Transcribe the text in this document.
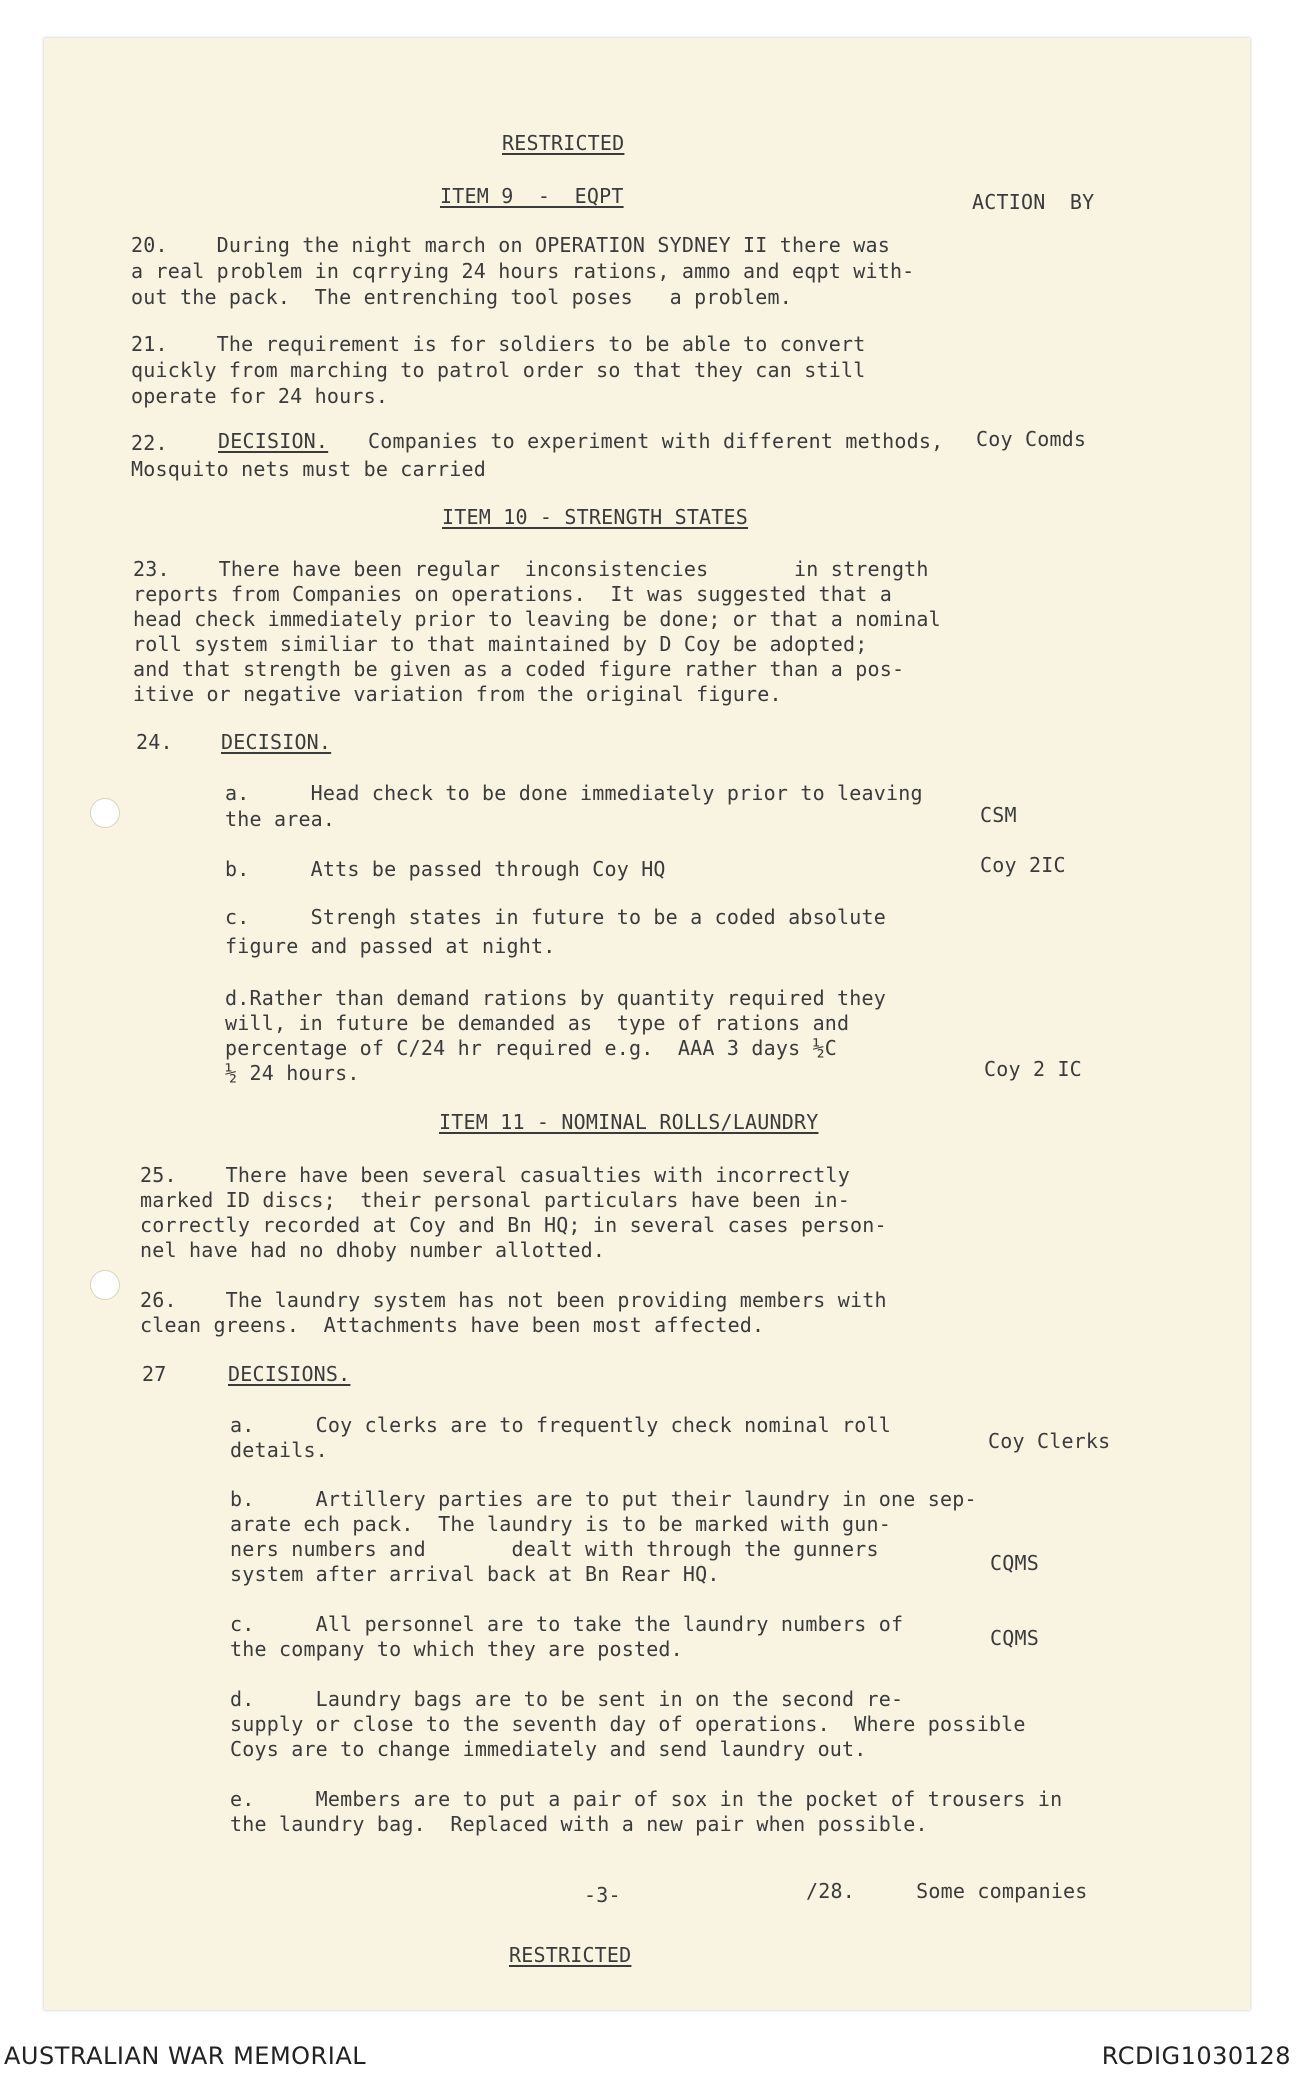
RESTRICTED
ITEM 9  -  EQPT	ACTION  BY
20.    During the night march on OPERATION SYDNEY II there was
a real problem in cqrrying 24 hours rations, ammo and eqpt with-
out the pack.  The entrenching tool poses   a problem.
21.    The requirement is for soldiers to be able to convert
quickly from marching to patrol order so that they can still
operate for 24 hours.
22.	DECISION. Companies to experiment with different methods,
Mosquito nets must be carried
Coy Comds
ITEM 10 - STRENGTH STATES
23.    There have been regular  inconsistencies       in strength
reports from Companies on operations.  It was suggested that a
head check immediately prior to leaving be done; or that a nominal
roll system similiar to that maintained by D Coy be adopted;
and that strength be given as a coded figure rather than a pos-
itive or negative variation from the original figure.
24. DECISION.
a.     Head check to be done immediately prior to leaving
the area.	CSM
b.     Atts be passed through Coy HQ	Coy 2IC
c.     Strengh states in future to be a coded absolute
figure and passed at night.
d.Rather than demand rations by quantity required they
will, in future be demanded as  type of rations and
percentage of C/24 hr required e.g.  AAA 3 days ½C
½ 24 hours.	Coy 2 IC
ITEM 11 - NOMINAL ROLLS/LAUNDRY
25.    There have been several casualties with incorrectly
marked ID discs;  their personal particulars have been in-
correctly recorded at Coy and Bn HQ; in several cases person-
nel have had no dhoby number allotted.
26.    The laundry system has not been providing members with
clean greens.  Attachments have been most affected.
27	DECISIONS.
a.     Coy clerks are to frequently check nominal roll
details.	Coy Clerks
b.     Artillery parties are to put their laundry in one sep-
arate ech pack.  The laundry is to be marked with gun-
ners numbers and       dealt with through the gunners
system after arrival back at Bn Rear HQ.	CQMS
c.     All personnel are to take the laundry numbers of
the company to which they are posted.	CQMS
d.     Laundry bags are to be sent in on the second re-
supply or close to the seventh day of operations.  Where possible
Coys are to change immediately and send laundry out.
e.     Members are to put a pair of sox in the pocket of trousers in
the laundry bag.  Replaced with a new pair when possible.
-3-	/28.     Some companies
RESTRICTED
AUSTRALIAN WAR MEMORIAL	RCDIG1030128
